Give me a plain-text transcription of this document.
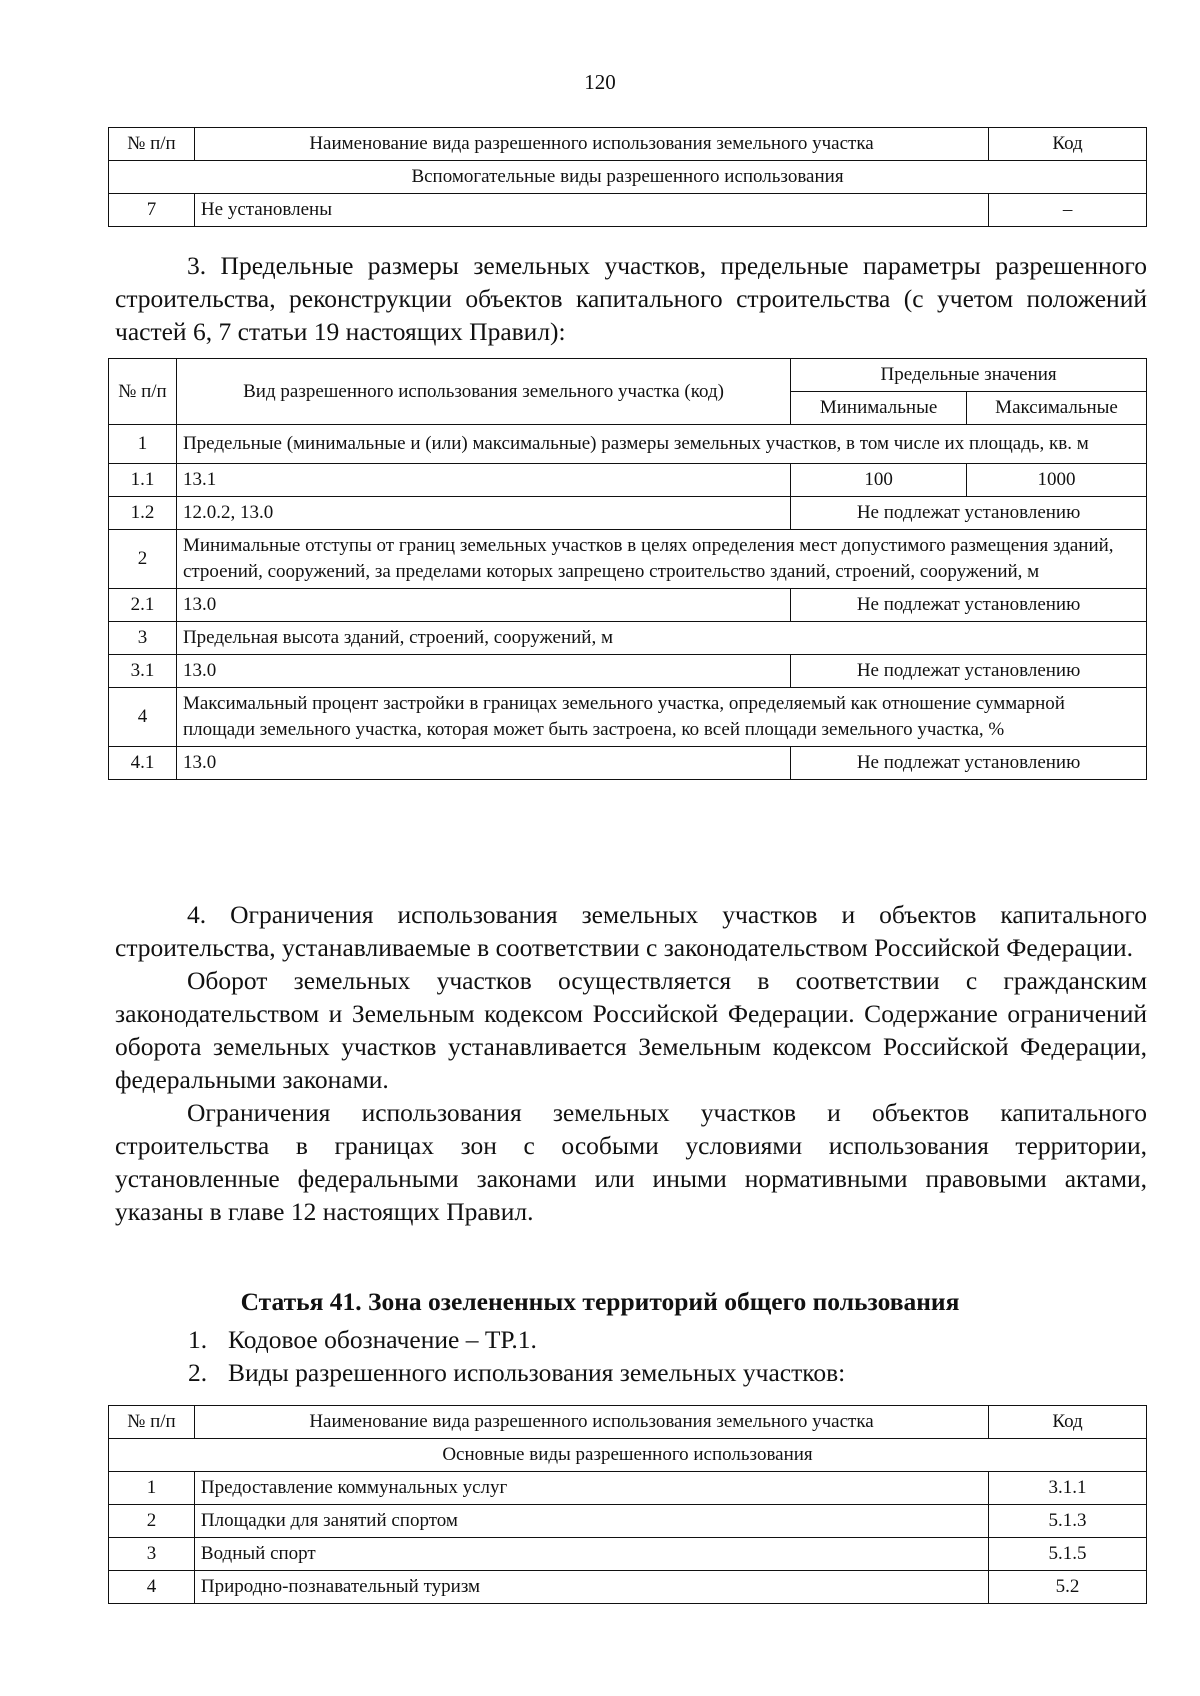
120
№ п/п	Наименование вида разрешенного использования земельного участка	Код
Вспомогательные виды разрешенного использования		
7	Не установлены	–

3. Предельные размеры земельных участков, предельные параметры разрешенного строительства, реконструкции объектов капитального строительства (с учетом положений частей 6, 7 статьи 19 настоящих Правил):

№ п/п	Вид разрешенного использования земельного участка (код)	Предельные значения	
		Минимальные	Максимальные
1	Предельные (минимальные и (или) максимальные) размеры земельных участков, в том числе их площадь, кв. м		
1.1	13.1	100	1000
1.2	12.0.2, 13.0	Не подлежат установлению	
2	Минимальные отступы от границ земельных участков в целях определения мест допустимого размещения зданий, строений, сооружений, за пределами которых запрещено строительство зданий, строений, сооружений, м		
2.1	13.0	Не подлежат установлению	
3	Предельная высота зданий, строений, сооружений, м		
3.1	13.0	Не подлежат установлению	
4	Максимальный процент застройки в границах земельного участка, определяемый как отношение суммарной площади земельного участка, которая может быть застроена, ко всей площади земельного участка, %		
4.1	13.0	Не подлежат установлению	

4. Ограничения использования земельных участков и объектов капитального строительства, устанавливаемые в соответствии с законодательством Российской Федерации.

Оборот земельных участков осуществляется в соответствии с гражданским законодательством и Земельным кодексом Российской Федерации. Содержание ограничений оборота земельных участков устанавливается Земельным кодексом Российской Федерации, федеральными законами.

Ограничения использования земельных участков и объектов капитального строительства в границах зон с особыми условиями использования территории, установленные федеральными законами или иными нормативными правовыми актами, указаны в главе 12 настоящих Правил.

Статья 41. Зона озелененных территорий общего пользования
1. Кодовое обозначение – ТР.1.
2. Виды разрешенного использования земельных участков:
№ п/п	Наименование вида разрешенного использования земельного участка	Код
Основные виды разрешенного использования		
1	Предоставление коммунальных услуг	3.1.1
2	Площадки для занятий спортом	5.1.3
3	Водный спорт	5.1.5
4	Природно-познавательный туризм	5.2
